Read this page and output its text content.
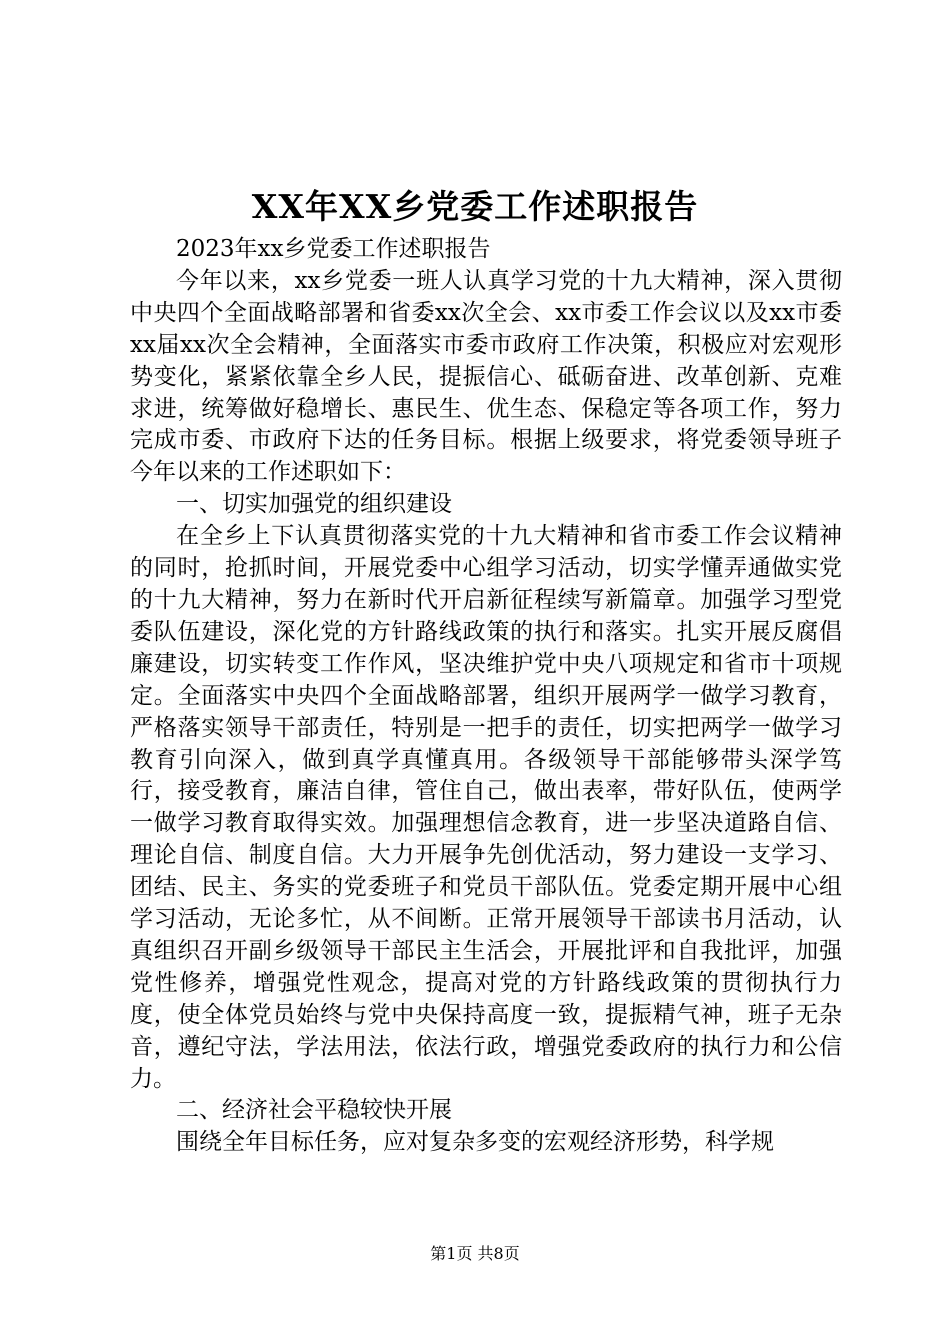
XX年XX乡党委工作述职报告

2023年xx乡党委工作述职报告

今年以来，xx乡党委一班人认真学习党的十九大精神，深入贯彻中央四个全面战略部署和省委xx次全会、xx市委工作会议以及xx市委xx届xx次全会精神，全面落实市委市政府工作决策，积极应对宏观形势变化，紧紧依靠全乡人民，提振信心、砥砺奋进、改革创新、克难求进，统筹做好稳增长、惠民生、优生态、保稳定等各项工作，努力完成市委、市政府下达的任务目标。根据上级要求，将党委领导班子今年以来的工作述职如下：

一、切实加强党的组织建设

在全乡上下认真贯彻落实党的十九大精神和省市委工作会议精神的同时，抢抓时间，开展党委中心组学习活动，切实学懂弄通做实党的十九大精神，努力在新时代开启新征程续写新篇章。加强学习型党委队伍建设，深化党的方针路线政策的执行和落实。扎实开展反腐倡廉建设，切实转变工作作风，坚决维护党中央八项规定和省市十项规定。全面落实中央四个全面战略部署，组织开展两学一做学习教育，严格落实领导干部责任，特别是一把手的责任，切实把两学一做学习教育引向深入，做到真学真懂真用。各级领导干部能够带头深学笃行，接受教育，廉洁自律，管住自己，做出表率，带好队伍，使两学一做学习教育取得实效。加强理想信念教育，进一步坚决道路自信、理论自信、制度自信。大力开展争先创优活动，努力建设一支学习、团结、民主、务实的党委班子和党员干部队伍。党委定期开展中心组学习活动，无论多忙，从不间断。正常开展领导干部读书月活动，认真组织召开副乡级领导干部民主生活会，开展批评和自我批评，加强党性修养，增强党性观念，提高对党的方针路线政策的贯彻执行力度，使全体党员始终与党中央保持高度一致，提振精气神，班子无杂音，遵纪守法，学法用法，依法行政，增强党委政府的执行力和公信力。

二、经济社会平稳较快开展

围绕全年目标任务，应对复杂多变的宏观经济形势，科学规

第1页 共8页
